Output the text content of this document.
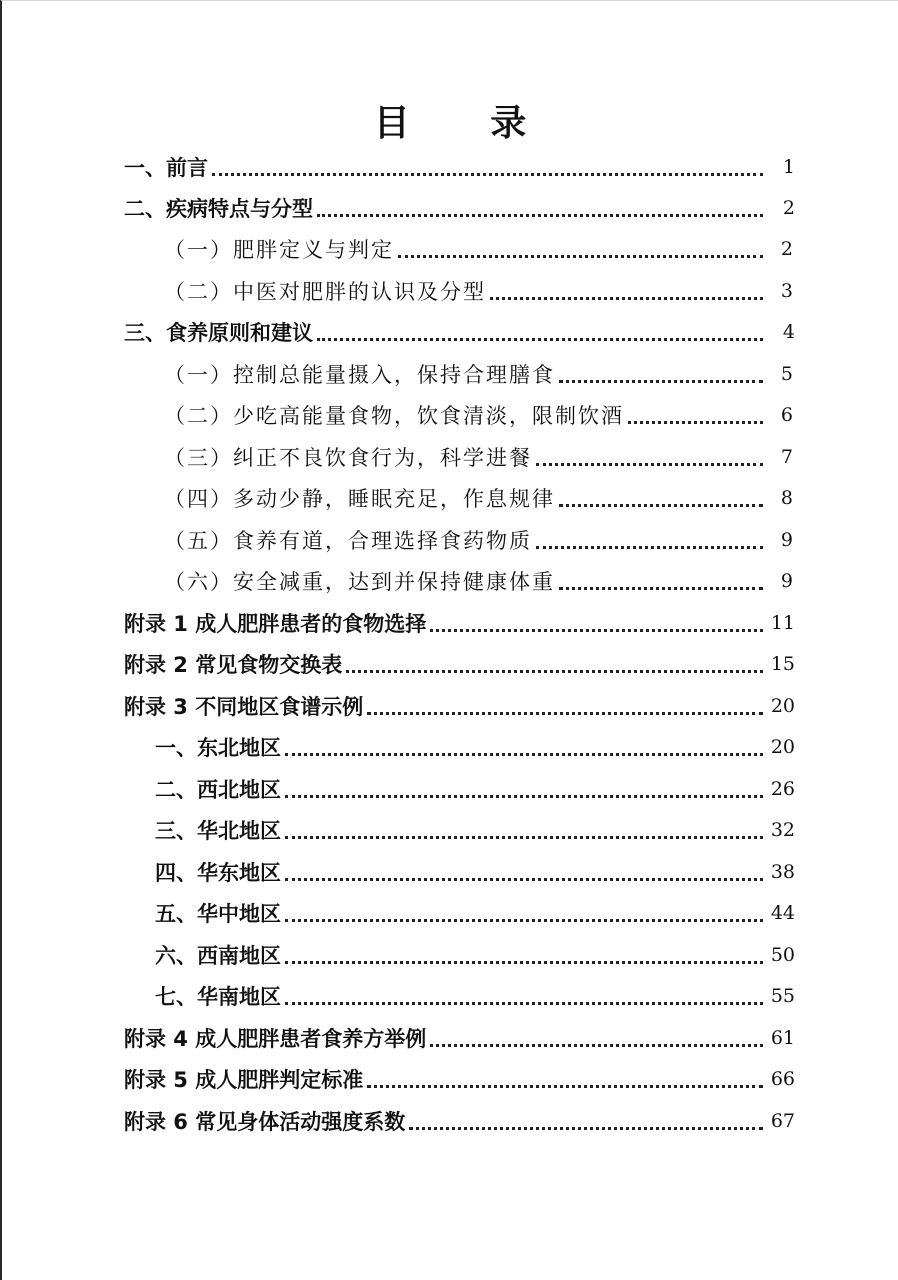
目 录
一、前言	1
二、疾病特点与分型	2
（一）肥胖定义与判定	2
（二）中医对肥胖的认识及分型	3
三、食养原则和建议	4
（一）控制总能量摄入，保持合理膳食	5
（二）少吃高能量食物，饮食清淡，限制饮酒	6
（三）纠正不良饮食行为，科学进餐	7
（四）多动少静，睡眠充足，作息规律	8
（五）食养有道，合理选择食药物质	9
（六）安全减重，达到并保持健康体重	9
附录 1 成人肥胖患者的食物选择	11
附录 2 常见食物交换表	15
附录 3 不同地区食谱示例	20
一、东北地区	20
二、西北地区	26
三、华北地区	32
四、华东地区	38
五、华中地区	44
六、西南地区	50
七、华南地区	55
附录 4 成人肥胖患者食养方举例	61
附录 5 成人肥胖判定标准	66
附录 6 常见身体活动强度系数	67
